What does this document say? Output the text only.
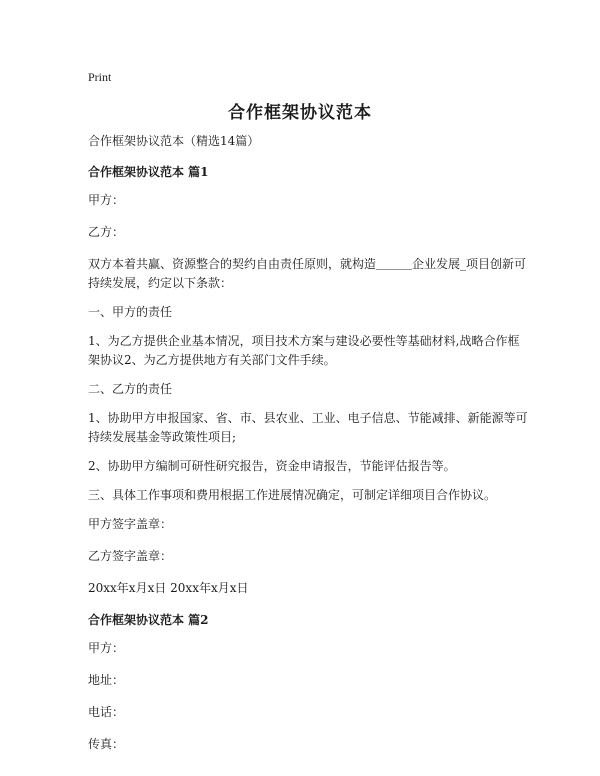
Print
合作框架协议范本

合作框架协议范本（精选14篇）

合作框架协议范本 篇1

甲方：

乙方：

双方本着共赢、资源整合的契约自由责任原则，就构造＿＿＿企业发展_项目创新可持续发展，约定以下条款：

一、甲方的责任

1、为乙方提供企业基本情况，项目技术方案与建设必要性等基础材料,战略合作框架协议2、为乙方提供地方有关部门文件手续。

二、乙方的责任

1、协助甲方申报国家、省、市、县农业、工业、电子信息、节能减排、新能源等可持续发展基金等政策性项目;

2、协助甲方编制可研性研究报告，资金申请报告，节能评估报告等。

三、具体工作事项和费用根据工作进展情况确定，可制定详细项目合作协议。

甲方签字盖章：

乙方签字盖章：

20xx年x月x日 20xx年x月x日

合作框架协议范本 篇2

甲方：

地址：

电话：

传真：
